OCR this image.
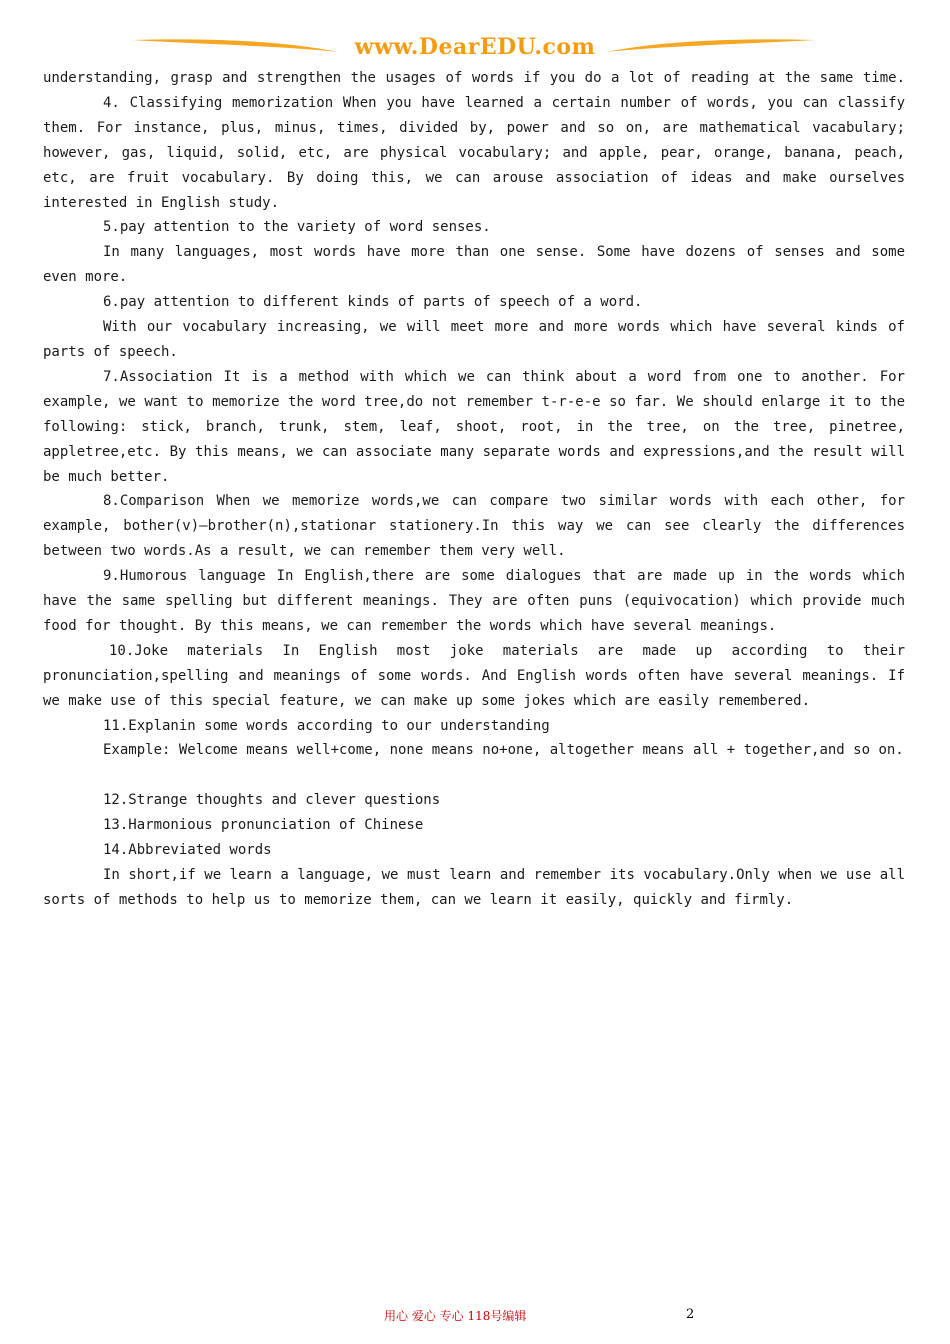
www.DearEDU.com

understanding, grasp and strengthen the usages of words if you do a lot of reading at the same time.

4. Classifying memorization When you have learned a certain number of words, you can classify them. For instance, plus, minus, times, divided by, power and so on, are mathematical vacabulary; however, gas, liquid, solid, etc, are physical vocabulary; and apple, pear, orange, banana, peach, etc, are fruit vocabulary. By doing this, we can arouse association of ideas and make ourselves interested in English study.

5.pay attention to the variety of word senses.

In many languages, most words have more than one sense. Some have dozens of senses and some even more.

6.pay attention to different kinds of parts of speech of a word.

With our vocabulary increasing, we will meet more and more words which have several kinds of parts of speech.

7.Association It is a method with which we can think about a word from one to another. For example, we want to memorize the word tree,do not remember t-r-e-e so far. We should enlarge it to the following: stick, branch, trunk, stem, leaf, shoot, root, in the tree, on the tree, pinetree, appletree,etc. By this means, we can associate many separate words and expressions,and the result will be much better.

8.Comparison When we memorize words,we can compare two similar words with each other, for example, bother(v)—brother(n),stationar stationery.In this way we can see clearly the differences between two words.As a result, we can remember them very well.

9.Humorous language In English,there are some dialogues that are made up in the words which have the same spelling but different meanings. They are often puns (equivocation) which provide much food for thought. By this means, we can remember the words which have several meanings.

10.Joke materials In English most joke materials are made up according to their pronunciation,spelling and meanings of some words. And English words often have several meanings. If we make use of this special feature, we can make up some jokes which are easily remembered.

11.Explanin some words according to our understanding

Example: Welcome means well+come, none means no+one, altogether means all + together,and so on.

12.Strange thoughts and clever questions

13.Harmonious pronunciation of Chinese

14.Abbreviated words

In short,if we learn a language, we must learn and remember its vocabulary.Only when we use all sorts of methods to help us to memorize them, can we learn it easily, quickly and firmly.

用心 爱心 专心 118号编辑	2
